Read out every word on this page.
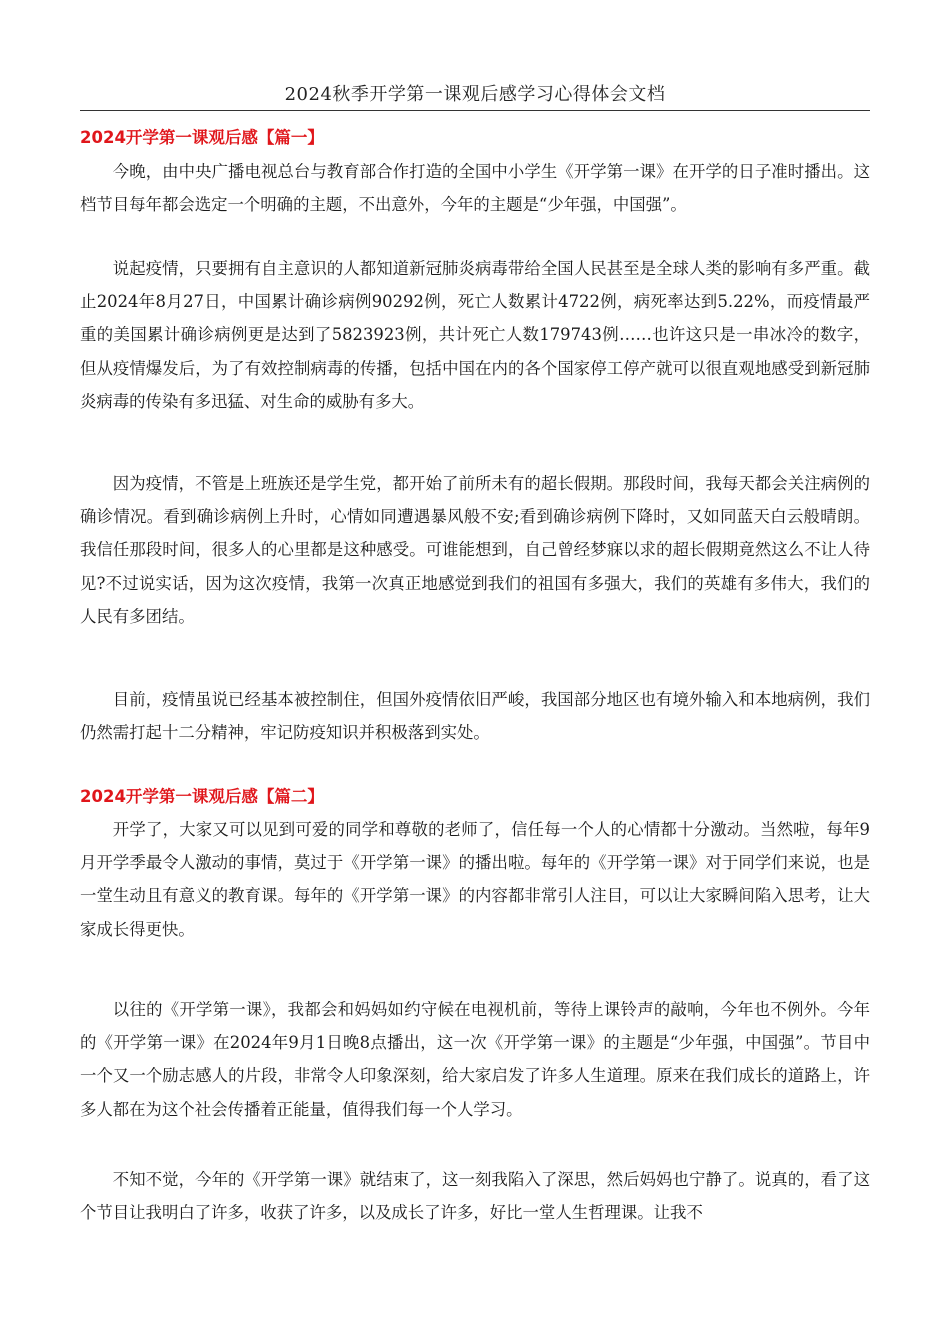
2024秋季开学第一课观后感学习心得体会文档
2024开学第一课观后感【篇一】

今晚，由中央广播电视总台与教育部合作打造的全国中小学生《开学第一课》在开学的日子准时播出。这档节目每年都会选定一个明确的主题，不出意外，今年的主题是“少年强，中国强”。

说起疫情，只要拥有自主意识的人都知道新冠肺炎病毒带给全国人民甚至是全球人类的影响有多严重。截止2024年8月27日，中国累计确诊病例90292例，死亡人数累计4722例，病死率达到5.22%，而疫情最严重的美国累计确诊病例更是达到了5823923例，共计死亡人数179743例……也许这只是一串冰冷的数字，但从疫情爆发后，为了有效控制病毒的传播，包括中国在内的各个国家停工停产就可以很直观地感受到新冠肺炎病毒的传染有多迅猛、对生命的威胁有多大。

因为疫情，不管是上班族还是学生党，都开始了前所未有的超长假期。那段时间，我每天都会关注病例的确诊情况。看到确诊病例上升时，心情如同遭遇暴风般不安;看到确诊病例下降时，又如同蓝天白云般晴朗。我信任那段时间，很多人的心里都是这种感受。可谁能想到，自己曾经梦寐以求的超长假期竟然这么不让人待见?不过说实话，因为这次疫情，我第一次真正地感觉到我们的祖国有多强大，我们的英雄有多伟大，我们的人民有多团结。

目前，疫情虽说已经基本被控制住，但国外疫情依旧严峻，我国部分地区也有境外输入和本地病例，我们仍然需打起十二分精神，牢记防疫知识并积极落到实处。

2024开学第一课观后感【篇二】

开学了，大家又可以见到可爱的同学和尊敬的老师了，信任每一个人的心情都十分激动。当然啦，每年9月开学季最令人激动的事情，莫过于《开学第一课》的播出啦。每年的《开学第一课》对于同学们来说，也是一堂生动且有意义的教育课。每年的《开学第一课》的内容都非常引人注目，可以让大家瞬间陷入思考，让大家成长得更快。

以往的《开学第一课》，我都会和妈妈如约守候在电视机前，等待上课铃声的敲响，今年也不例外。今年的《开学第一课》在2024年9月1日晚8点播出，这一次《开学第一课》的主题是“少年强，中国强”。节目中一个又一个励志感人的片段，非常令人印象深刻，给大家启发了许多人生道理。原来在我们成长的道路上，许多人都在为这个社会传播着正能量，值得我们每一个人学习。

不知不觉，今年的《开学第一课》就结束了，这一刻我陷入了深思，然后妈妈也宁静了。说真的，看了这个节目让我明白了许多，收获了许多，以及成长了许多，好比一堂人生哲理课。让我不
